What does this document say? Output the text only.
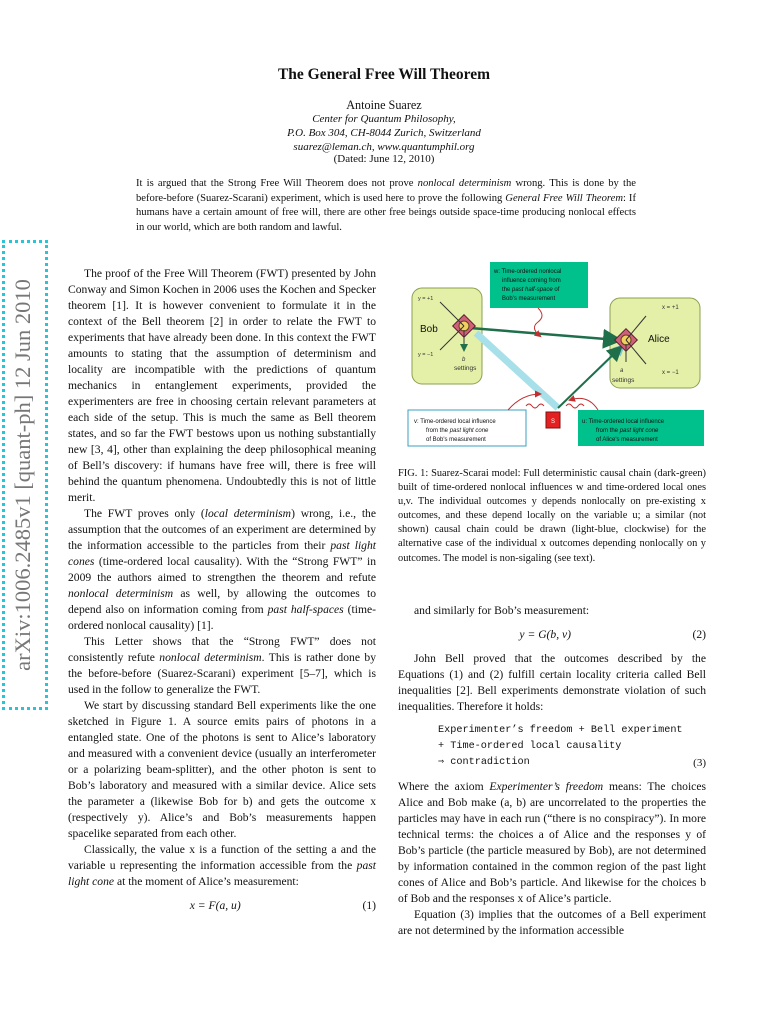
arXiv:1006.2485v1 [quant-ph] 12 Jun 2010
The General Free Will Theorem
Antoine Suarez
Center for Quantum Philosophy,
P.O. Box 304, CH-8044 Zurich, Switzerland
suarez@leman.ch, www.quantumphil.org
(Dated: June 12, 2010)
It is argued that the Strong Free Will Theorem does not prove nonlocal determinism wrong. This is done by the before-before (Suarez-Scarani) experiment, which is used here to prove the following General Free Will Theorem: If humans have a certain amount of free will, there are other free beings outside space-time producing nonlocal effects in our world, which are both random and lawful.

The proof of the Free Will Theorem (FWT) presented by John Conway and Simon Kochen in 2006 uses the Kochen and Specker theorem [1]. It is however convenient to formulate it in the context of the Bell theorem [2] in order to relate the FWT to experiments that have already been done. In this context the FWT amounts to stating that the assumption of determinism and locality are incompatible with the predictions of quantum mechanics in entanglement experiments, provided the experimenters are free in choosing certain relevant parameters at each side of the setup. This is much the same as Bell theorem states, and so far the FWT bestows upon us nothing substantially new [3, 4], other than explaining the deep philosophical meaning of Bell’s discovery: if humans have free will, there is free will behind the quantum phenomena. Undoubtedly this is not of little merit.

The FWT proves only (local determinism) wrong, i.e., the assumption that the outcomes of an experiment are determined by the information accessible to the particles from their past light cones (time-ordered local causality). With the “Strong FWT” in 2009 the authors aimed to strengthen the theorem and refute nonlocal determinism as well, by allowing the outcomes to depend also on information coming from past half-spaces (time-ordered nonlocal causality) [1].

This Letter shows that the “Strong FWT” does not consistently refute nonlocal determinism. This is rather done by the before-before (Suarez-Scarani) experiment [5–7], which is used in the follow to generalize the FWT.

We start by discussing standard Bell experiments like the one sketched in Figure 1. A source emits pairs of photons in a entangled state. One of the photons is sent to Alice’s laboratory and measured with a convenient device (usually an interferometer or a polarizing beam-splitter), and the other photon is sent to Bob’s laboratory and measured with a similar device. Alice sets the parameter a (likewise Bob for b) and gets the outcome x (respectively y). Alice’s and Bob’s measurements happen spacelike separated from each other.

Classically, the value x is a function of the setting a and the variable u representing the information accessible from the past light cone at the moment of Alice’s measurement:

x = F(a, u)	(1)
S
Bob
Alice
y = +1
y = −1
b
settings
x = +1
x = −1
a
settings
w: Time-ordered nonlocal influence coming from the past half-space of Bob's measurement
v: Time-ordered local influence from the past light cone of Bob's measurement
u: Time-ordered local influence from the past light cone of Alice's measurement
FIG. 1: Suarez-Scarai model: Full deterministic causal chain (dark-green) built of time-ordered nonlocal influences w and time-ordered local ones u,v. The individual outcomes y depends nonlocally on pre-existing x outcomes, and these depend locally on the variable u; a similar (not shown) causal chain could be drawn (light-blue, clockwise) for the alternative case of the individual x outcomes depending nonlocally on y outcomes. The model is non-sigaling (see text).

and similarly for Bob’s measurement:

y = G(b, v)	(2)

John Bell proved that the outcomes described by the Equations (1) and (2) fulfill certain locality criteria called Bell inequalities [2]. Bell experiments demonstrate violation of such inequalities. Therefore it holds:

Experimenter’s freedom + Bell experiment
+ Time-ordered local causality
⇒ contradiction	(3)

Where the axiom Experimenter’s freedom means: The choices Alice and Bob make (a, b) are uncorrelated to the properties the particles may have in each run (“there is no conspiracy”). In more technical terms: the choices a of Alice and the responses y of Bob’s particle (the particle measured by Bob), are not determined by information contained in the common region of the past light cones of Alice and Bob’s particle. And likewise for the choices b of Bob and the responses x of Alice’s particle.

Equation (3) implies that the outcomes of a Bell experiment are not determined by the information accessible
